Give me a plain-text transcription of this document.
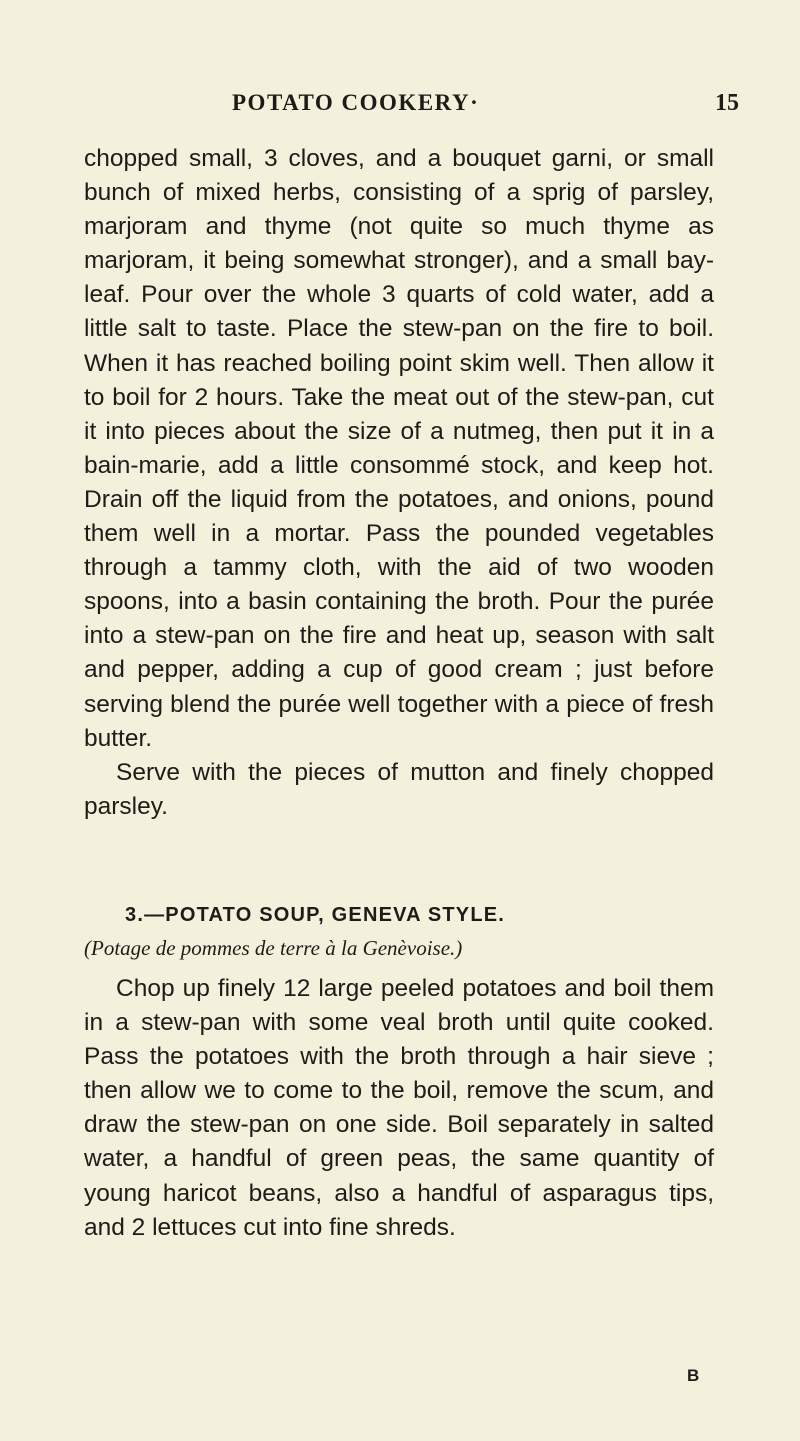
POTATO COOKERY·	15

chopped small, 3 cloves, and a bouquet garni, or small bunch of mixed herbs, consisting of a sprig of parsley, marjoram and thyme (not quite so much thyme as marjoram, it being somewhat stronger), and a small bay-leaf. Pour over the whole 3 quarts of cold water, add a little salt to taste. Place the stew-pan on the fire to boil. When it has reached boiling point skim well. Then allow it to boil for 2 hours. Take the meat out of the stew-pan, cut it into pieces about the size of a nutmeg, then put it in a bain-marie, add a little consommé stock, and keep hot. Drain off the liquid from the potatoes, and onions, pound them well in a mortar. Pass the pounded vegetables through a tammy cloth, with the aid of two wooden spoons, into a basin containing the broth. Pour the purée into a stew-pan on the fire and heat up, season with salt and pepper, adding a cup of good cream ; just before serving blend the purée well together with a piece of fresh butter.

Serve with the pieces of mutton and finely chopped parsley.

3.—POTATO SOUP, GENEVA STYLE.
(Potage de pommes de terre à la Genèvoise.)

Chop up finely 12 large peeled potatoes and boil them in a stew-pan with some veal broth until quite cooked. Pass the potatoes with the broth through a hair sieve ; then allow we to come to the boil, remove the scum, and draw the stew-pan on one side. Boil separately in salted water, a handful of green peas, the same quantity of young haricot beans, also a handful of asparagus tips, and 2 lettuces cut into fine shreds.

B
